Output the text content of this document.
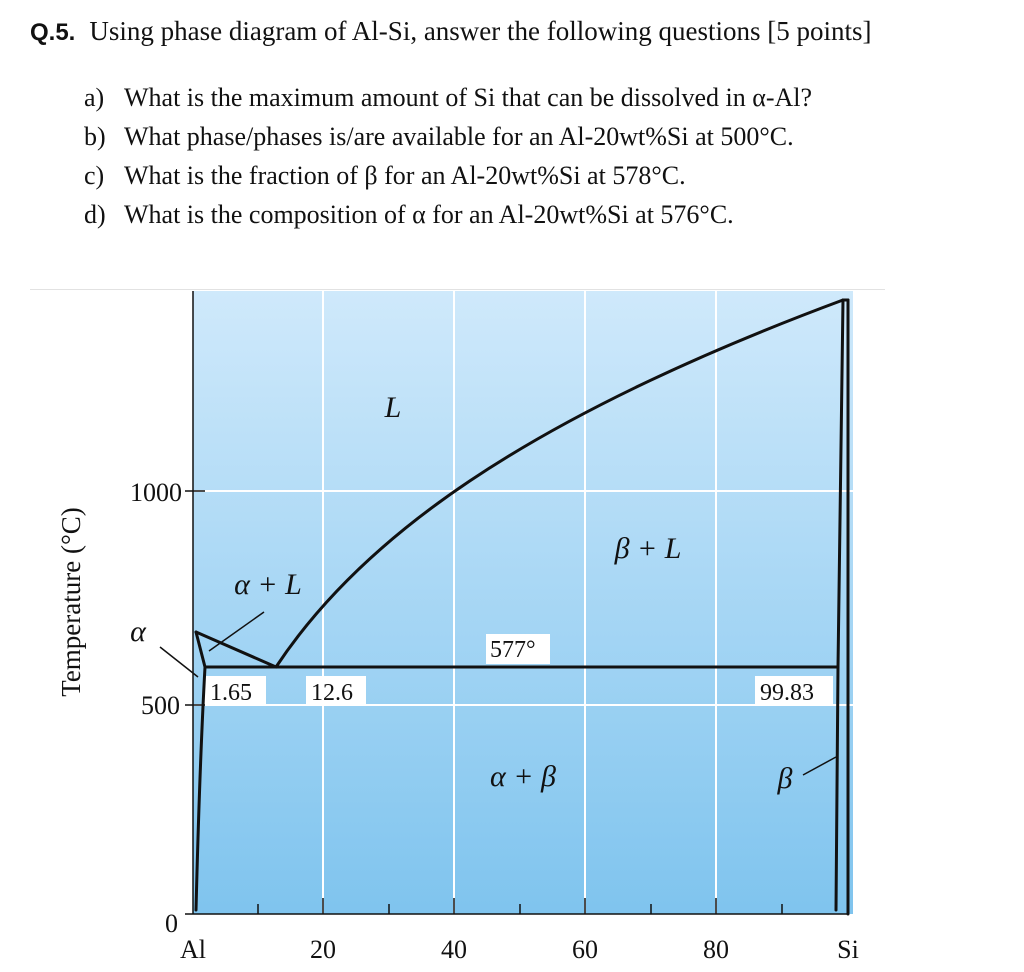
Q.5. Using phase diagram of Al-Si, answer the following questions [5 points]
a) What is the maximum amount of Si that can be dissolved in α-Al?
b) What phase/phases is/are available for an Al-20wt%Si at 500°C.
c) What is the fraction of β for an Al-20wt%Si at 578°C.
d) What is the composition of α for an Al-20wt%Si at 576°C.
Temperature (°C)
1000
500
0
Al	20	40	60	80	Si
1.65 12.6	99.83
577°
L
α + L
β + L
α + β
α
β
